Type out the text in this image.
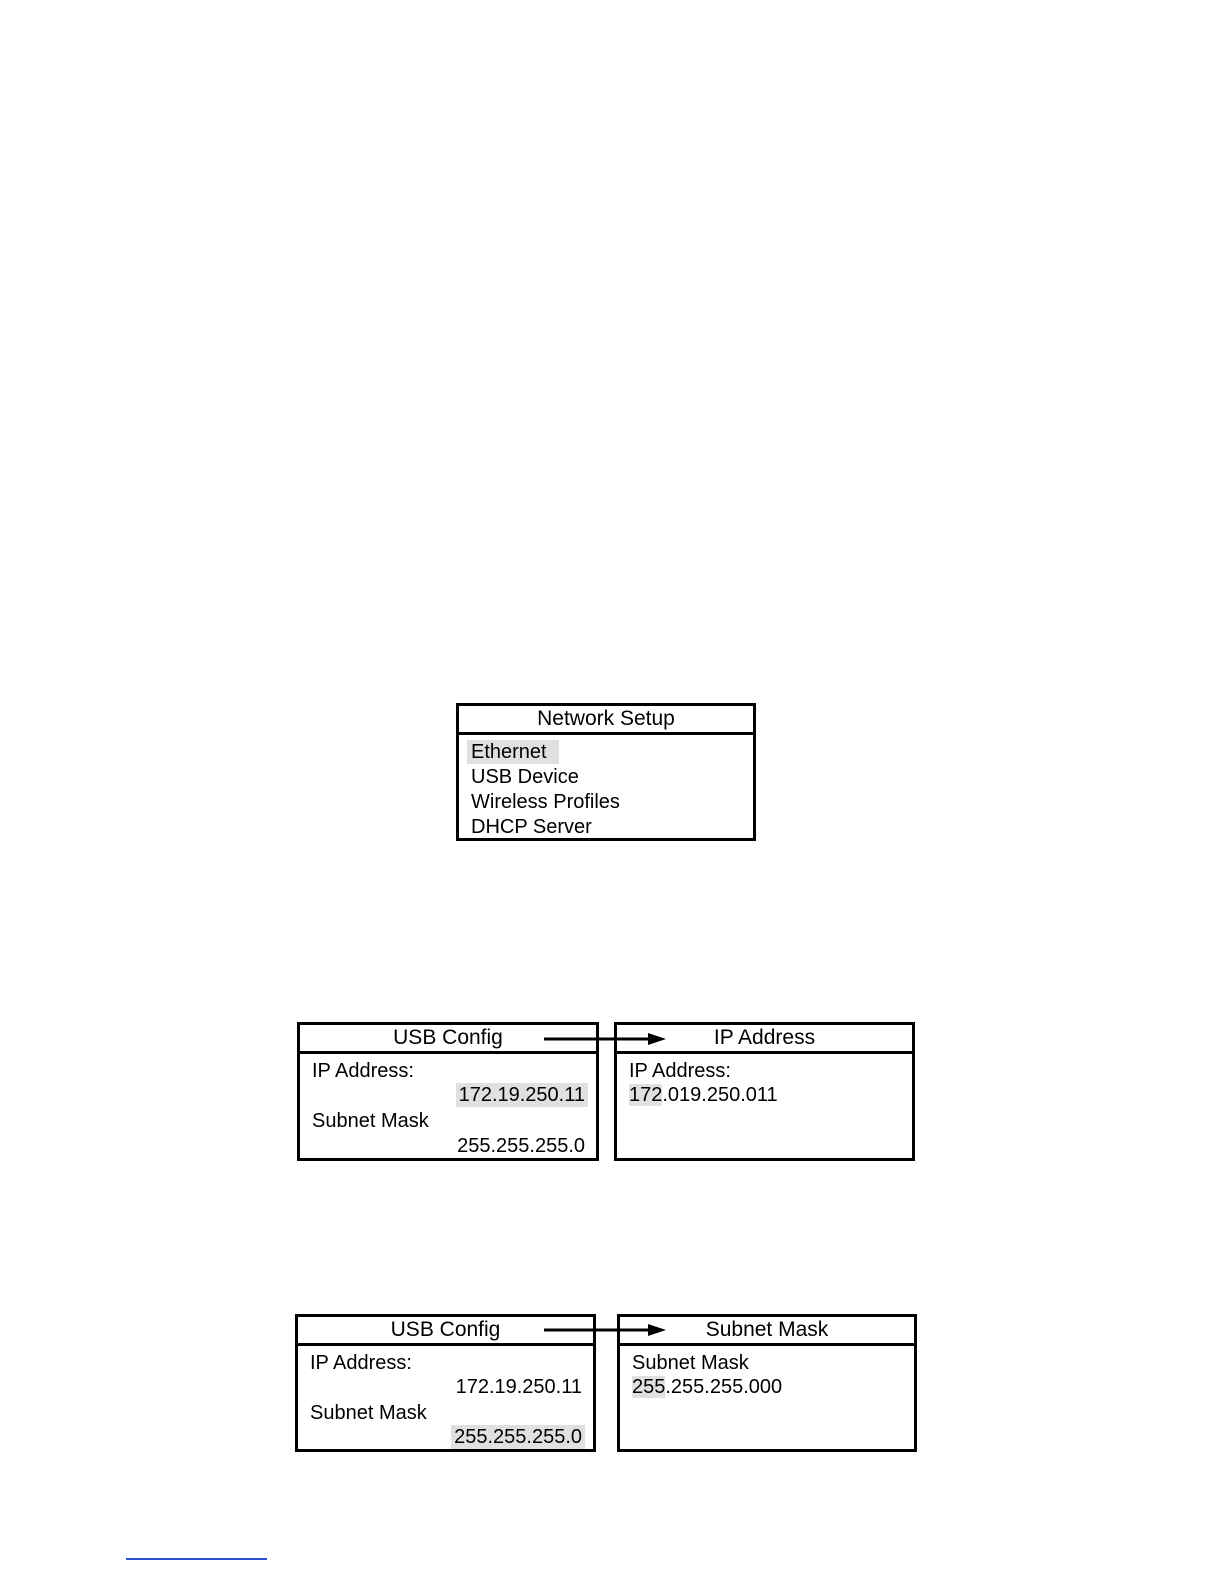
Network Setup
Ethernet
USB Device
Wireless Profiles
DHCP Server
USB Config
IP Address:
172.19.250.11
Subnet Mask
255.255.255.0
IP Address
IP Address:
172.019.250.011
USB Config
IP Address:
172.19.250.11
Subnet Mask
255.255.255.0
Subnet Mask
Subnet Mask
255.255.255.000
